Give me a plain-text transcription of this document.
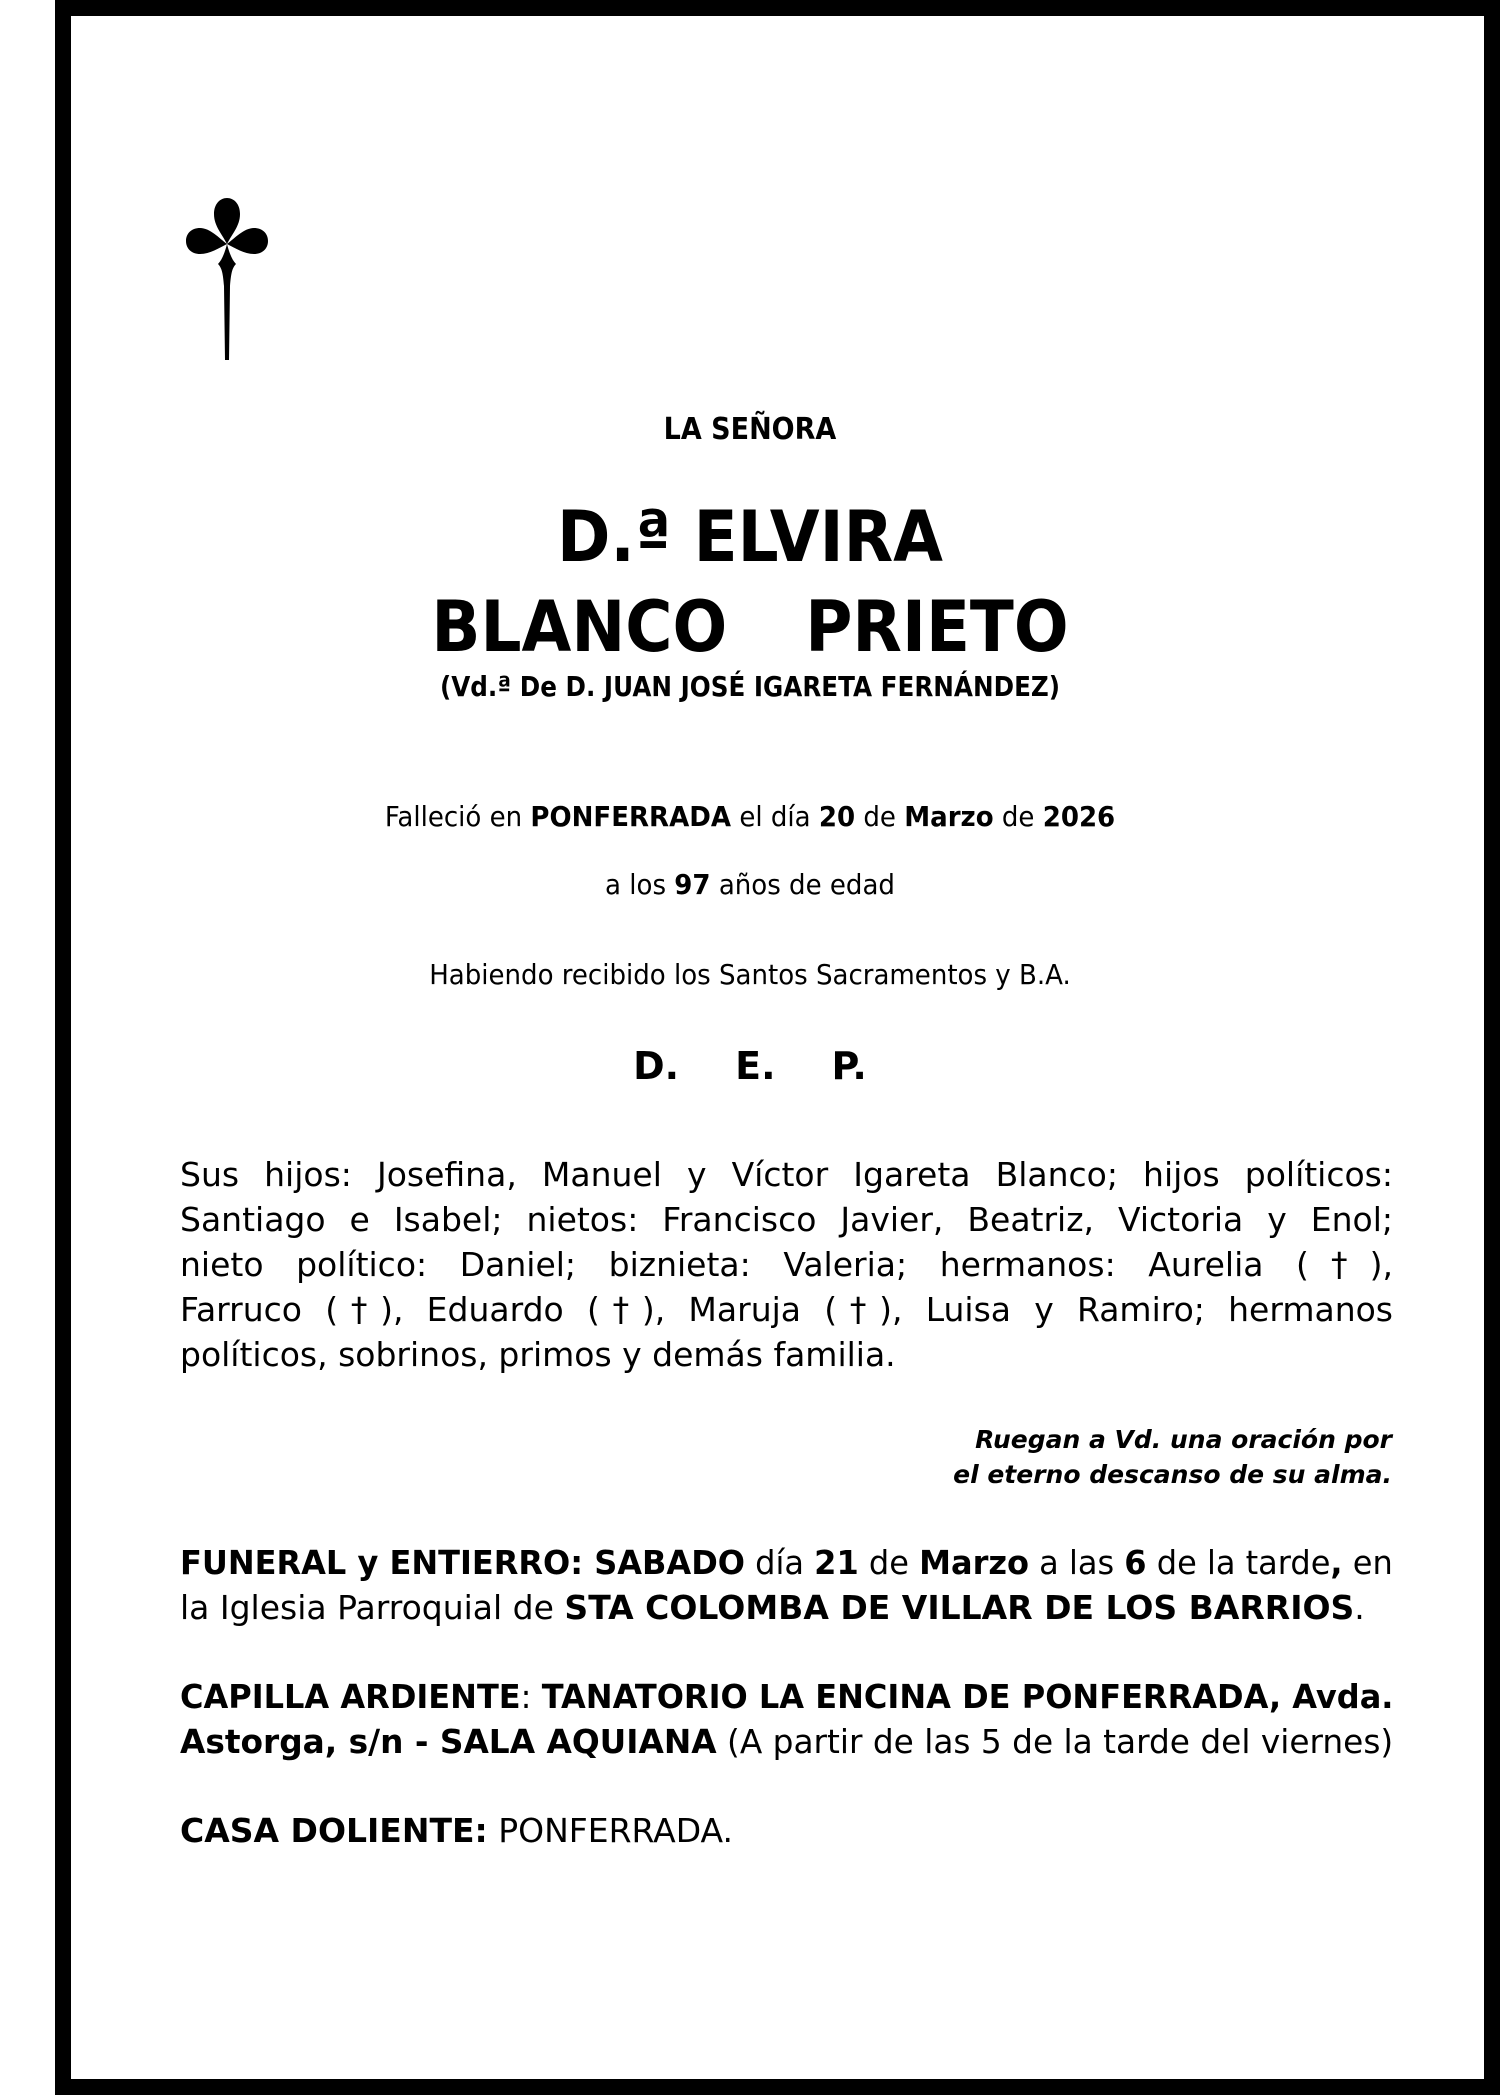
LA SEÑORA
D.ª ELVIRA
BLANCO  PRIETO
(Vd.ª De D. JUAN JOSÉ IGARETA FERNÁNDEZ)
Falleció en PONFERRADA el día 20 de Marzo de 2026
a los 97 años de edad
Habiendo recibido los Santos Sacramentos y B.A.
D. E. P.
Sus hijos: Josefina, Manuel y Víctor Igareta Blanco; hijos políticos:
Santiago e Isabel; nietos: Francisco Javier, Beatriz, Victoria y Enol;
nieto político: Daniel; biznieta: Valeria; hermanos: Aurelia (†),
Farruco (†), Eduardo (†), Maruja (†), Luisa y Ramiro; hermanos
políticos, sobrinos, primos y demás familia.
Ruegan a Vd. una oración por
el eterno descanso de su alma.
FUNERAL y ENTIERRO: SABADO día 21 de Marzo a las 6 de la tarde, en
la Iglesia Parroquial de STA COLOMBA DE VILLAR DE LOS BARRIOS.
CAPILLA ARDIENTE: TANATORIO LA ENCINA DE PONFERRADA, Avda.
Astorga, s/n - SALA AQUIANA (A partir de las 5 de la tarde del viernes)
CASA DOLIENTE: PONFERRADA.
